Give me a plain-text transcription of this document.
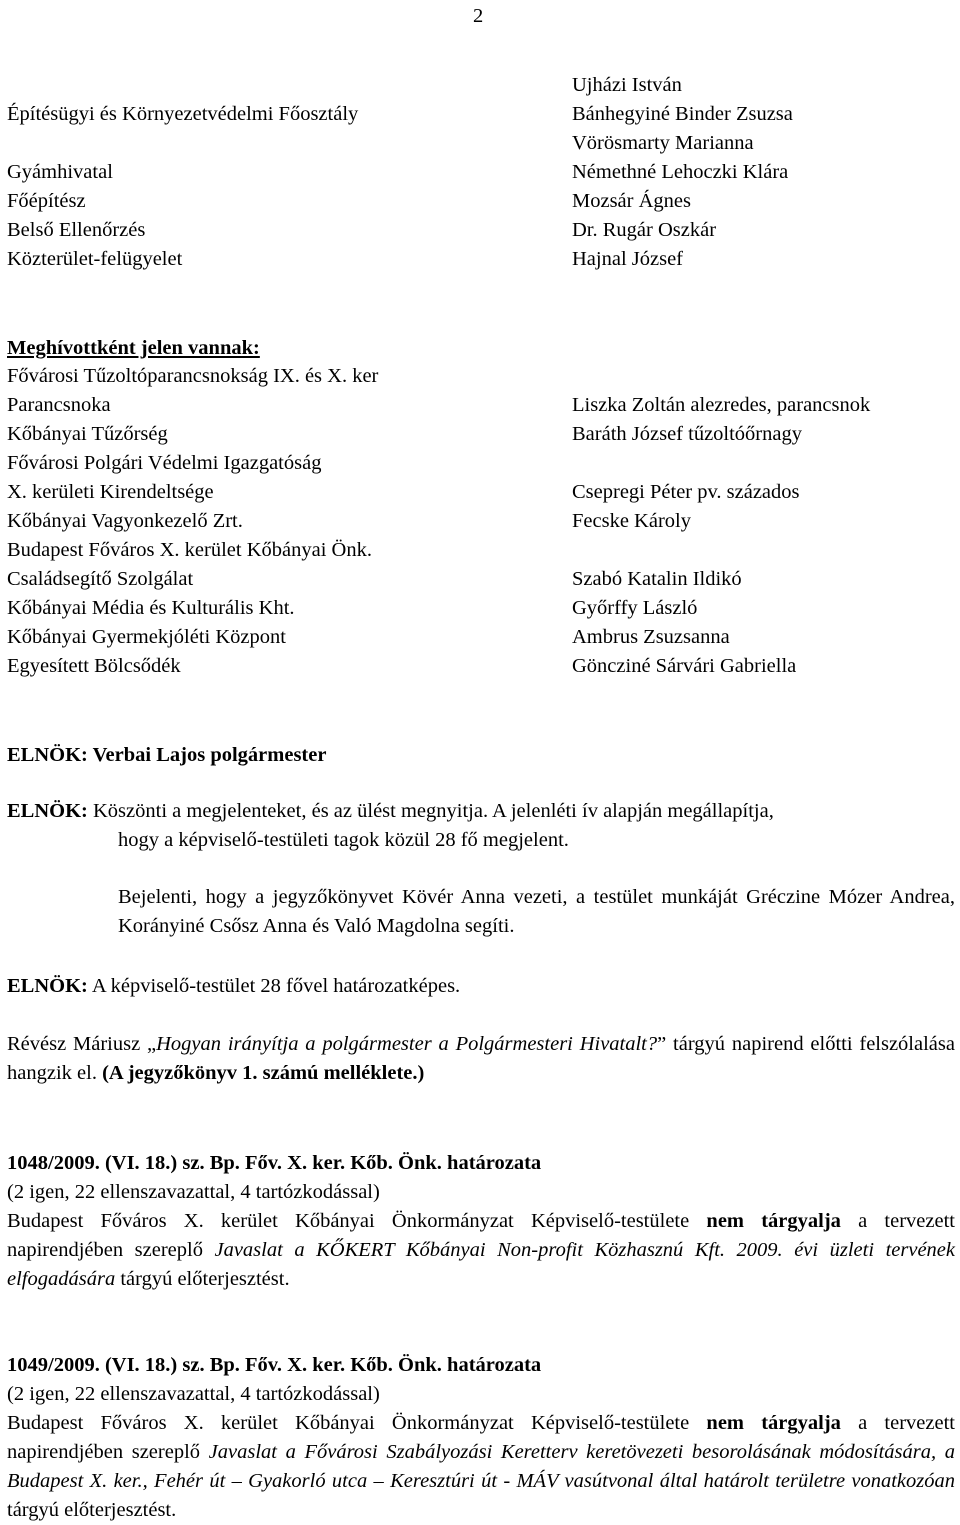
2
Építésügyi és Környezetvédelmi Főosztály
Gyámhivatal
Főépítész
Belső Ellenőrzés
Közterület-felügyelet
Ujházi István
Bánhegyiné Binder Zsuzsa
Vörösmarty Marianna
Némethné Lehoczki Klára
Mozsár Ágnes
Dr. Rugár Oszkár
Hajnal József
Meghívottként jelen vannak:
Fővárosi Tűzoltóparancsnokság IX. és X. ker
Parancsnoka
Kőbányai Tűzőrség
Fővárosi Polgári Védelmi Igazgatóság
X. kerületi Kirendeltsége
Kőbányai Vagyonkezelő Zrt.
Budapest Főváros X. kerület Kőbányai Önk.
Családsegítő Szolgálat
Kőbányai Média és Kulturális Kht.
Kőbányai Gyermekjóléti Központ
Egyesített Bölcsődék
Liszka Zoltán alezredes, parancsnok
Baráth József tűzoltóőrnagy
Csepregi Péter pv. százados
Fecske Károly
Szabó Katalin Ildikó
Győrffy László
Ambrus Zsuzsanna
Göncziné Sárvári Gabriella
ELNÖK: Verbai Lajos polgármester
ELNÖK: Köszönti a megjelenteket, és az ülést megnyitja. A jelenléti ív alapján megállapítja,
hogy a képviselő-testületi tagok közül 28 fő megjelent.
Bejelenti, hogy a jegyzőkönyvet Kövér Anna vezeti, a testület munkáját Gréczine Mózer Andrea, Korányiné Csősz Anna és Való Magdolna segíti.
ELNÖK: A képviselő-testület 28 fővel határozatképes.
Révész Máriusz „Hogyan irányítja a polgármester a Polgármesteri Hivatalt?” tárgyú napirend előtti felszólalása hangzik el. (A jegyzőkönyv 1. számú melléklete.)
1048/2009. (VI. 18.) sz. Bp. Főv. X. ker. Kőb. Önk. határozata
(2 igen, 22 ellenszavazattal, 4 tartózkodással)
Budapest Főváros X. kerület Kőbányai Önkormányzat Képviselő-testülete nem tárgyalja a tervezett napirendjében szereplő Javaslat a KŐKERT Kőbányai Non-profit Közhasznú Kft. 2009. évi üzleti tervének elfogadására tárgyú előterjesztést.
1049/2009. (VI. 18.) sz. Bp. Főv. X. ker. Kőb. Önk. határozata
(2 igen, 22 ellenszavazattal, 4 tartózkodással)
Budapest Főváros X. kerület Kőbányai Önkormányzat Képviselő-testülete nem tárgyalja a tervezett napirendjében szereplő Javaslat a Fővárosi Szabályozási Keretterv keretövezeti besorolásának módosítására, a Budapest X. ker., Fehér út – Gyakorló utca – Keresztúri út - MÁV vasútvonal által határolt területre vonatkozóan tárgyú előterjesztést.
